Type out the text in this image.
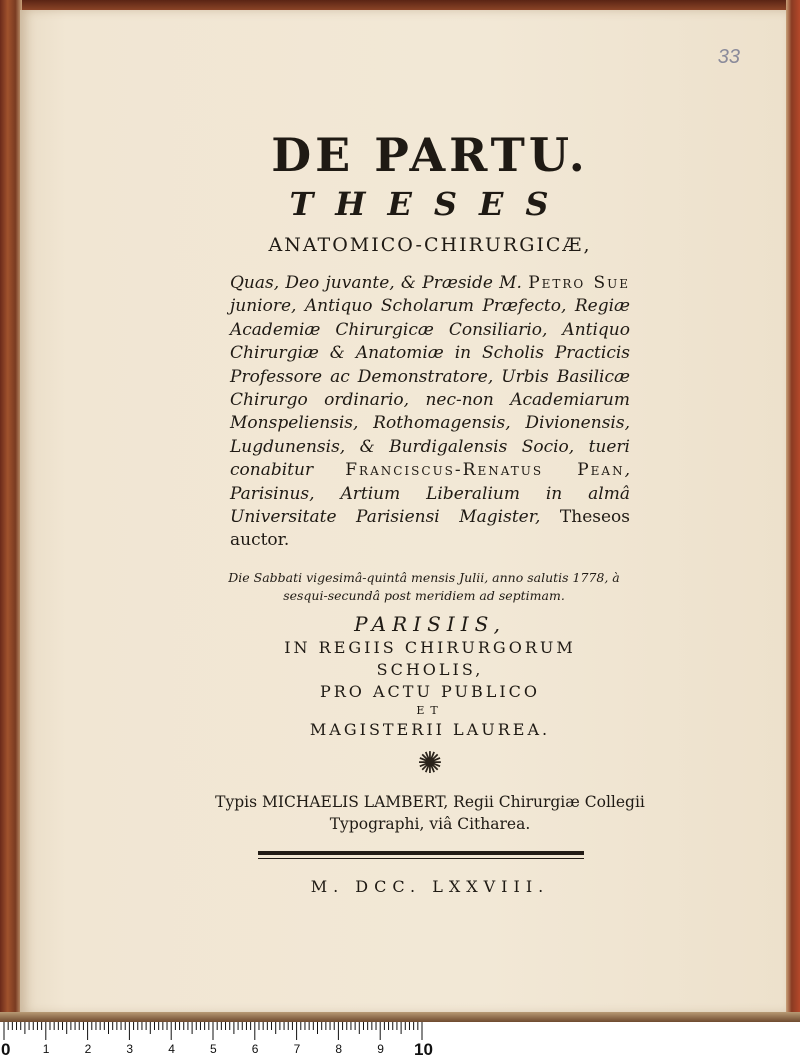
33
DE PARTU.
THESES
ANATOMICO-CHIRURGICÆ,
Quas, Deo juvante, & Præside M. Petro Sue juniore, Antiquo Scholarum Præfecto, Regiæ Academiæ Chirurgicæ Consiliario, Antiquo Chirurgiæ & Anatomiæ in Scholis Practicis Professore ac Demonstratore, Urbis Basilicæ Chirurgo ordinario, nec-non Academiarum Monspeliensis, Rothomagensis, Divionensis, Lugdunensis, & Burdigalensis Socio, tueri conabitur Franciscus-Renatus Pean, Parisinus, Artium Liberalium in almâ Universitate Parisiensi Magister, Theseos auctor.
Die Sabbati vigesimâ-quintâ mensis Julii, anno salutis 1778, à sesqui-secundâ post meridiem ad septimam.
PARISIIS,
IN REGIIS CHIRURGORUM SCHOLIS,
PRO ACTU PUBLICO
ET
MAGISTERII LAUREA.
✺
Typis MICHAELIS LAMBERT, Regii Chirurgiæ Collegii Typographi, viâ Citharea.
M. DCC. LXXVIII.
0	1	2	3	4	5	6	7	8	9 10
